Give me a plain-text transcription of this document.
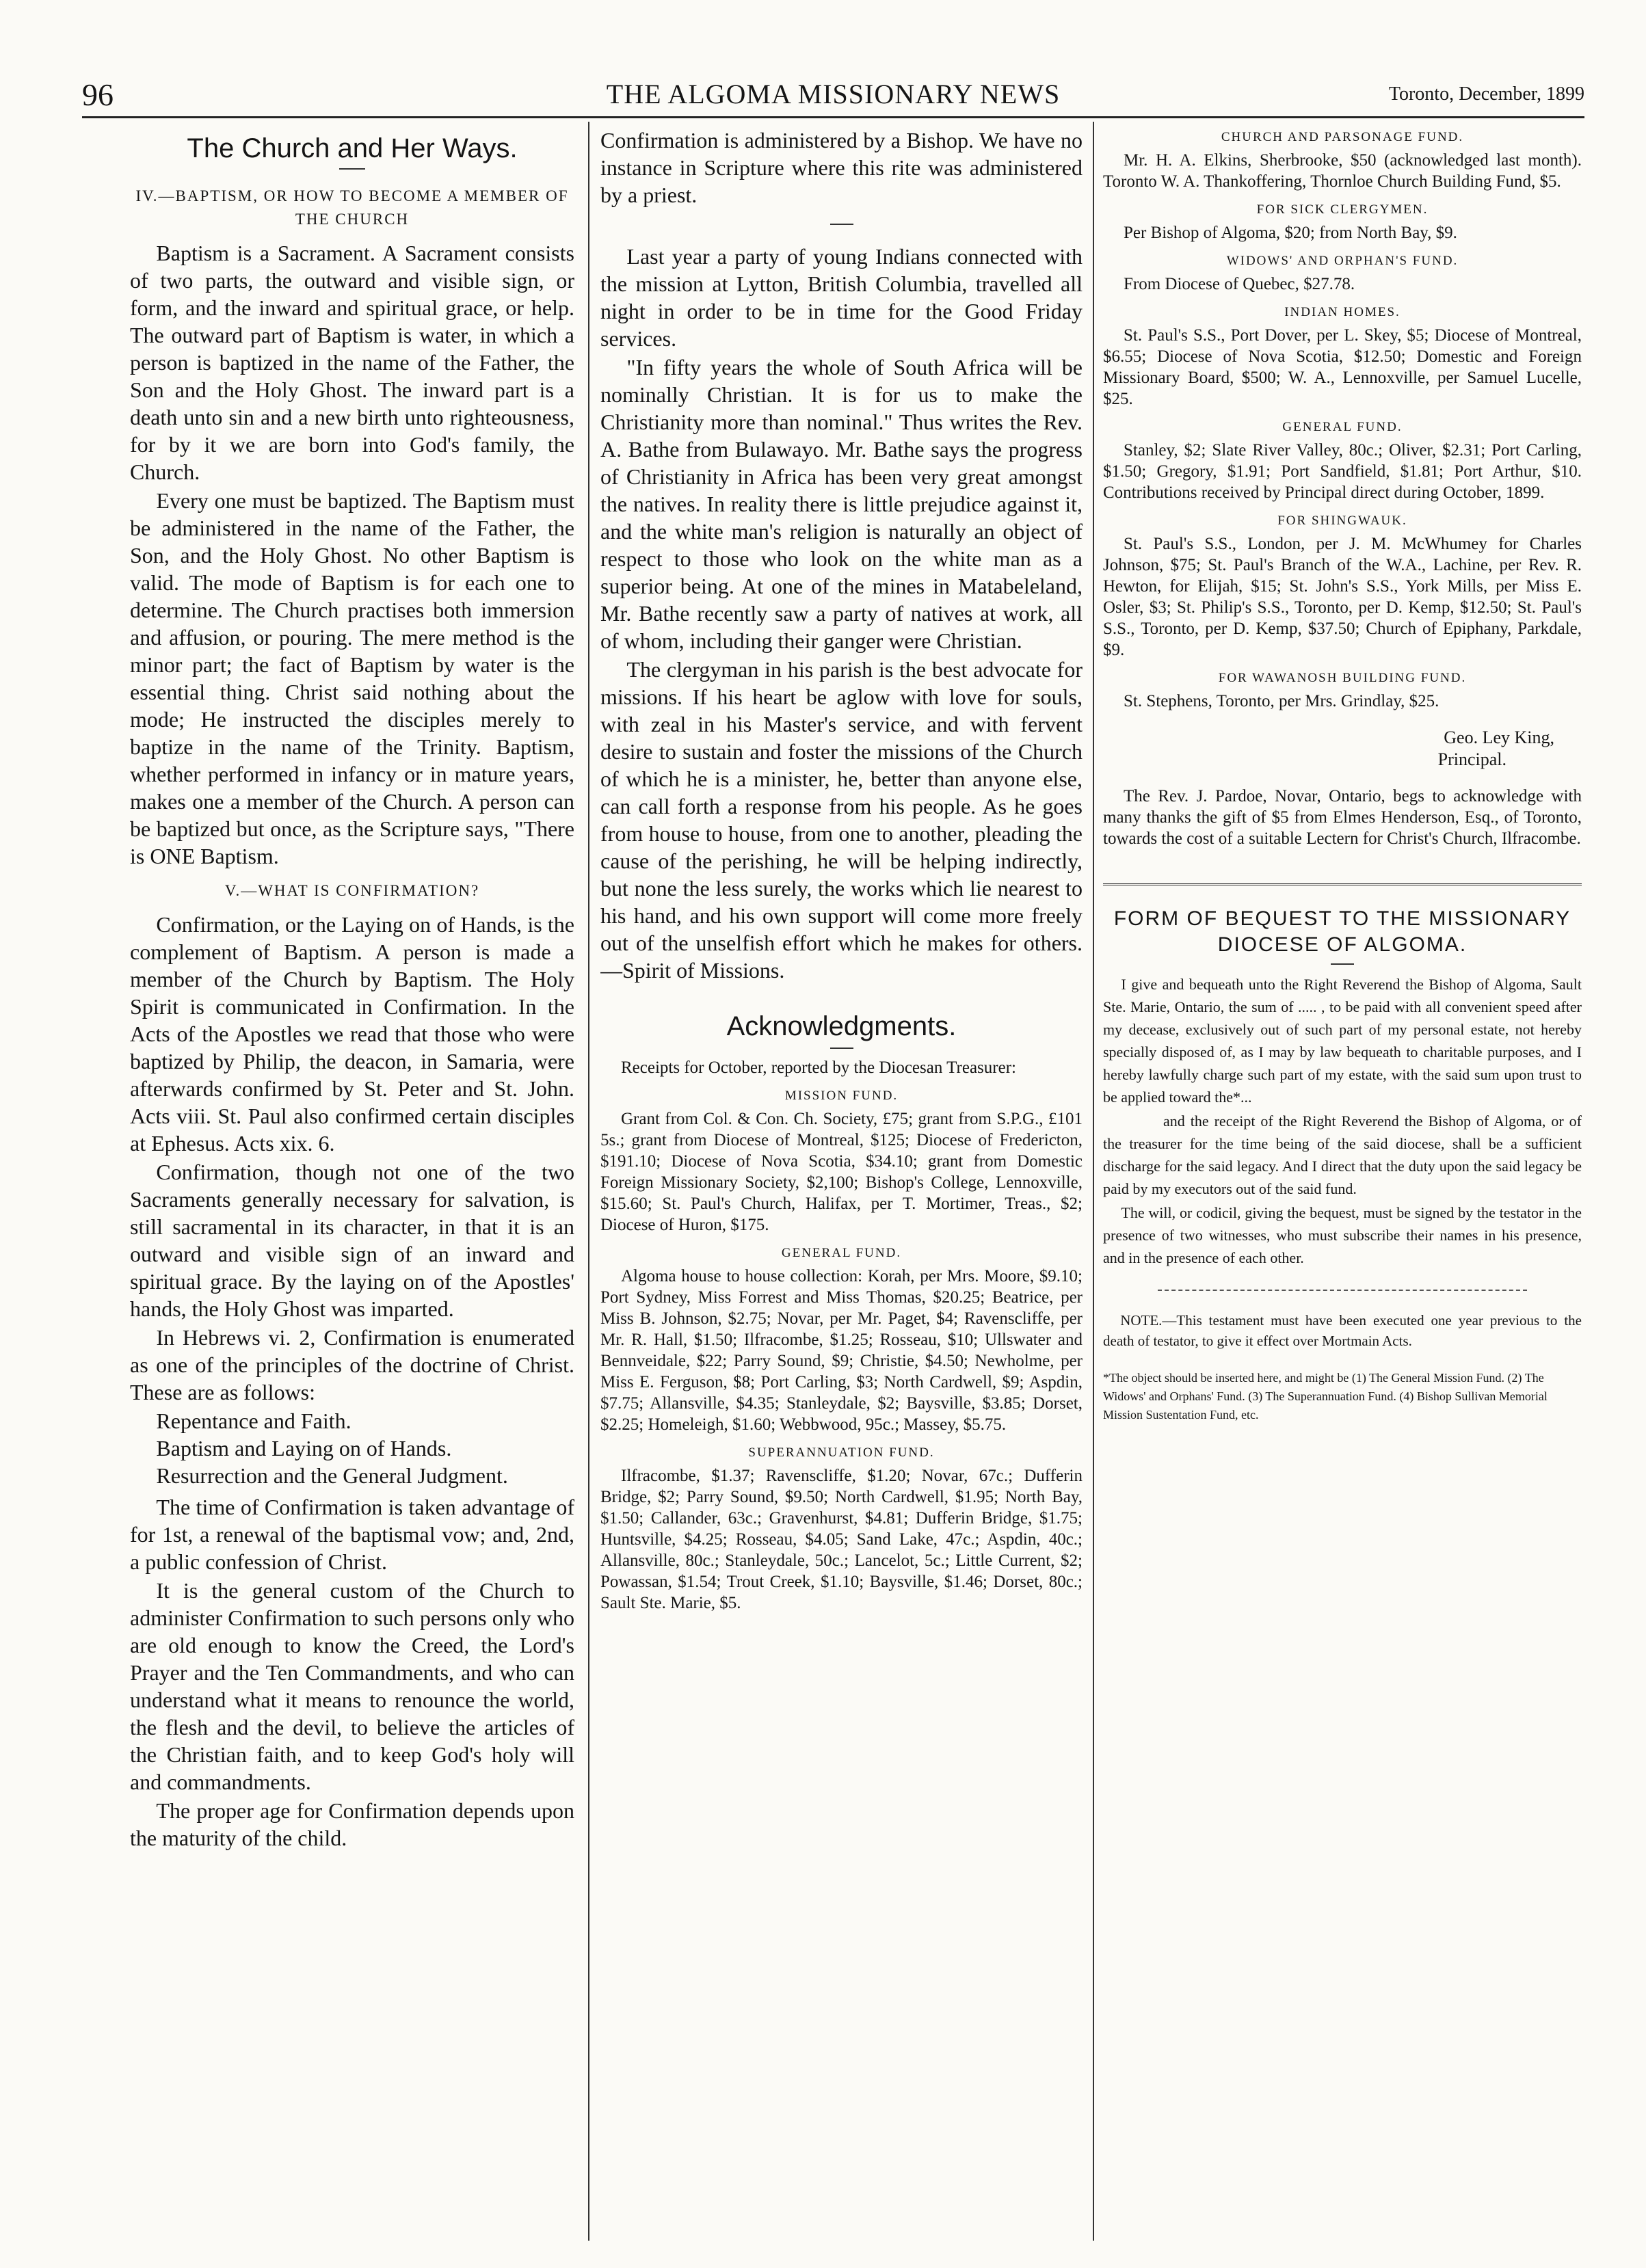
96	THE ALGOMA MISSIONARY NEWS	Toronto, December, 1899
The Church and Her Ways.
IV.—BAPTISM, OR HOW TO BECOME A MEMBER OF THE CHURCH

Baptism is a Sacrament. A Sacrament consists of two parts, the outward and visible sign, or form, and the inward and spiritual grace, or help. The outward part of Baptism is water, in which a person is baptized in the name of the Father, the Son and the Holy Ghost. The inward part is a death unto sin and a new birth unto righteousness, for by it we are born into God's family, the Church.

Every one must be baptized. The Baptism must be administered in the name of the Father, the Son, and the Holy Ghost. No other Baptism is valid. The mode of Baptism is for each one to determine. The Church practises both immersion and affusion, or pouring. The mere method is the minor part; the fact of Baptism by water is the essential thing. Christ said nothing about the mode; He instructed the disciples merely to baptize in the name of the Trinity. Baptism, whether performed in infancy or in mature years, makes one a member of the Church. A person can be baptized but once, as the Scripture says, "There is ONE Baptism.

V.—WHAT IS CONFIRMATION?

Confirmation, or the Laying on of Hands, is the complement of Baptism. A person is made a member of the Church by Baptism. The Holy Spirit is communicated in Confirmation. In the Acts of the Apostles we read that those who were baptized by Philip, the deacon, in Samaria, were afterwards confirmed by St. Peter and St. John. Acts viii. St. Paul also confirmed certain disciples at Ephesus. Acts xix. 6.

Confirmation, though not one of the two Sacraments generally necessary for salvation, is still sacramental in its character, in that it is an outward and visible sign of an inward and spiritual grace. By the laying on of the Apostles' hands, the Holy Ghost was imparted.

In Hebrews vi. 2, Confirmation is enumerated as one of the principles of the doctrine of Christ. These are as follows:

Repentance and Faith.
Baptism and Laying on of Hands.
Resurrection and the General Judgment.

The time of Confirmation is taken advantage of for 1st, a renewal of the baptismal vow; and, 2nd, a public confession of Christ.

It is the general custom of the Church to administer Confirmation to such persons only who are old enough to know the Creed, the Lord's Prayer and the Ten Commandments, and who can understand what it means to renounce the world, the flesh and the devil, to believe the articles of the Christian faith, and to keep God's holy will and commandments.

The proper age for Confirmation depends upon the maturity of the child.

Confirmation is administered by a Bishop. We have no instance in Scripture where this rite was administered by a priest.

Last year a party of young Indians connected with the mission at Lytton, British Columbia, travelled all night in order to be in time for the Good Friday services.

"In fifty years the whole of South Africa will be nominally Christian. It is for us to make the Christianity more than nominal." Thus writes the Rev. A. Bathe from Bulawayo. Mr. Bathe says the progress of Christianity in Africa has been very great amongst the natives. In reality there is little prejudice against it, and the white man's religion is naturally an object of respect to those who look on the white man as a superior being. At one of the mines in Matabeleland, Mr. Bathe recently saw a party of natives at work, all of whom, including their ganger were Christian.

The clergyman in his parish is the best advocate for missions. If his heart be aglow with love for souls, with zeal in his Master's service, and with fervent desire to sustain and foster the missions of the Church of which he is a minister, he, better than anyone else, can call forth a response from his people. As he goes from house to house, from one to another, pleading the cause of the perishing, he will be helping indirectly, but none the less surely, the works which lie nearest to his hand, and his own support will come more freely out of the unselfish effort which he makes for others.—Spirit of Missions.

Acknowledgments.

Receipts for October, reported by the Diocesan Treasurer:

MISSION FUND.

Grant from Col. & Con. Ch. Society, £75; grant from S.P.G., £101 5s.; grant from Diocese of Montreal, $125; Diocese of Fredericton, $191.10; Diocese of Nova Scotia, $34.10; grant from Domestic Foreign Missionary Society, $2,100; Bishop's College, Lennoxville, $15.60; St. Paul's Church, Halifax, per T. Mortimer, Treas., $2; Diocese of Huron, $175.

GENERAL FUND.

Algoma house to house collection: Korah, per Mrs. Moore, $9.10; Port Sydney, Miss Forrest and Miss Thomas, $20.25; Beatrice, per Miss B. Johnson, $2.75; Novar, per Mr. Paget, $4; Ravenscliffe, per Mr. R. Hall, $1.50; Ilfracombe, $1.25; Rosseau, $10; Ullswater and Bennveidale, $22; Parry Sound, $9; Christie, $4.50; Newholme, per Miss E. Ferguson, $8; Port Carling, $3; North Cardwell, $9; Aspdin, $7.75; Allansville, $4.35; Stanleydale, $2; Baysville, $3.85; Dorset, $2.25; Homeleigh, $1.60; Webbwood, 95c.; Massey, $5.75.

SUPERANNUATION FUND.

Ilfracombe, $1.37; Ravenscliffe, $1.20; Novar, 67c.; Dufferin Bridge, $2; Parry Sound, $9.50; North Cardwell, $1.95; North Bay, $1.50; Callander, 63c.; Gravenhurst, $4.81; Dufferin Bridge, $1.75; Huntsville, $4.25; Rosseau, $4.05; Sand Lake, 47c.; Aspdin, 40c.; Allansville, 80c.; Stanleydale, 50c.; Lancelot, 5c.; Little Current, $2; Powassan, $1.54; Trout Creek, $1.10; Baysville, $1.46; Dorset, 80c.; Sault Ste. Marie, $5.

CHURCH AND PARSONAGE FUND.

Mr. H. A. Elkins, Sherbrooke, $50 (acknowledged last month). Toronto W. A. Thankoffering, Thornloe Church Building Fund, $5.

FOR SICK CLERGYMEN.

Per Bishop of Algoma, $20; from North Bay, $9.

WIDOWS' AND ORPHAN'S FUND.

From Diocese of Quebec, $27.78.

INDIAN HOMES.

St. Paul's S.S., Port Dover, per L. Skey, $5; Diocese of Montreal, $6.55; Diocese of Nova Scotia, $12.50; Domestic and Foreign Missionary Board, $500; W. A., Lennoxville, per Samuel Lucelle, $25.

GENERAL FUND.

Stanley, $2; Slate River Valley, 80c.; Oliver, $2.31; Port Carling, $1.50; Gregory, $1.91; Port Sandfield, $1.81; Port Arthur, $10. Contributions received by Principal direct during October, 1899.

FOR SHINGWAUK.

St. Paul's S.S., London, per J. M. McWhumey for Charles Johnson, $75; St. Paul's Branch of the W.A., Lachine, per Rev. R. Hewton, for Elijah, $15; St. John's S.S., York Mills, per Miss E. Osler, $3; St. Philip's S.S., Toronto, per D. Kemp, $12.50; St. Paul's S.S., Toronto, per D. Kemp, $37.50; Church of Epiphany, Parkdale, $9.

FOR WAWANOSH BUILDING FUND.

St. Stephens, Toronto, per Mrs. Grindlay, $25.

Geo. Ley King,
Principal.

The Rev. J. Pardoe, Novar, Ontario, begs to acknowledge with many thanks the gift of $5 from Elmes Henderson, Esq., of Toronto, towards the cost of a suitable Lectern for Christ's Church, Ilfracombe.

FORM OF BEQUEST TO THE MISSIONARY DIOCESE OF ALGOMA.

I give and bequeath unto the Right Reverend the Bishop of Algoma, Sault Ste. Marie, Ontario, the sum of ..... , to be paid with all convenient speed after my decease, exclusively out of such part of my personal estate, not hereby specially disposed of, as I may by law bequeath to charitable purposes, and I hereby lawfully charge such part of my estate, with the said sum upon trust to be applied toward the*...

and the receipt of the Right Reverend the Bishop of Algoma, or of the treasurer for the time being of the said diocese, shall be a sufficient discharge for the said legacy. And I direct that the duty upon the said legacy be paid by my executors out of the said fund.

The will, or codicil, giving the bequest, must be signed by the testator in the presence of two witnesses, who must subscribe their names in his presence, and in the presence of each other.

NOTE.—This testament must have been executed one year previous to the death of testator, to give it effect over Mortmain Acts.

*The object should be inserted here, and might be (1) The General Mission Fund. (2) The Widows' and Orphans' Fund. (3) The Superannuation Fund. (4) Bishop Sullivan Memorial Mission Sustentation Fund, etc.
